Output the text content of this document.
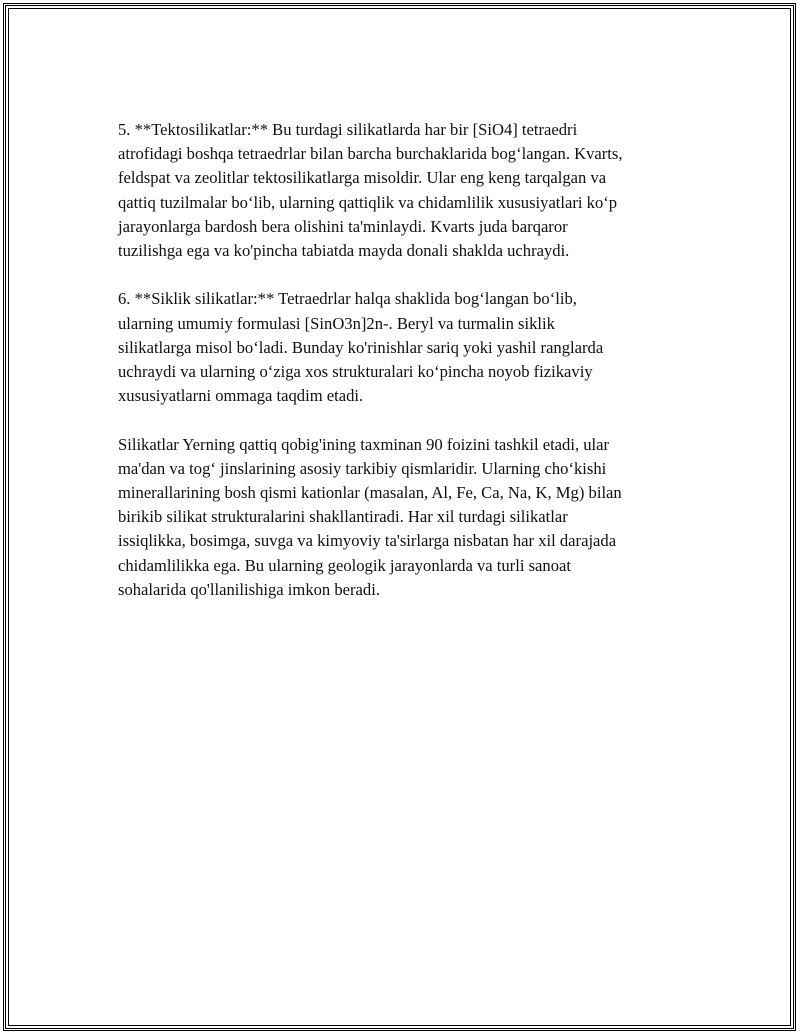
5. **Tektosilikatlar:** Bu turdagi silikatlarda har bir [SiO4] tetraedri
atrofidagi boshqa tetraedrlar bilan barcha burchaklarida bog‘langan. Kvarts,
feldspat va zeolitlar tektosilikatlarga misoldir. Ular eng keng tarqalgan va
qattiq tuzilmalar bo‘lib, ularning qattiqlik va chidamlilik xususiyatlari ko‘p
jarayonlarga bardosh bera olishini ta'minlaydi. Kvarts juda barqaror
tuzilishga ega va ko'pincha tabiatda mayda donali shaklda uchraydi.

6. **Siklik silikatlar:** Tetraedrlar halqa shaklida bog‘langan bo‘lib,
ularning umumiy formulasi [SinO3n]2n-. Beryl va turmalin siklik
silikatlarga misol bo‘ladi. Bunday ko'rinishlar sariq yoki yashil ranglarda
uchraydi va ularning o‘ziga xos strukturalari ko‘pincha noyob fizikaviy
xususiyatlarni ommaga taqdim etadi.

Silikatlar Yerning qattiq qobig'ining taxminan 90 foizini tashkil etadi, ular
ma'dan va tog‘ jinslarining asosiy tarkibiy qismlaridir. Ularning cho‘kishi
minerallarining bosh qismi kationlar (masalan, Al, Fe, Ca, Na, K, Mg) bilan
birikib silikat strukturalarini shakllantiradi. Har xil turdagi silikatlar
issiqlikka, bosimga, suvga va kimyoviy ta'sirlarga nisbatan har xil darajada
chidamlilikka ega. Bu ularning geologik jarayonlarda va turli sanoat
sohalarida qo'llanilishiga imkon beradi.
